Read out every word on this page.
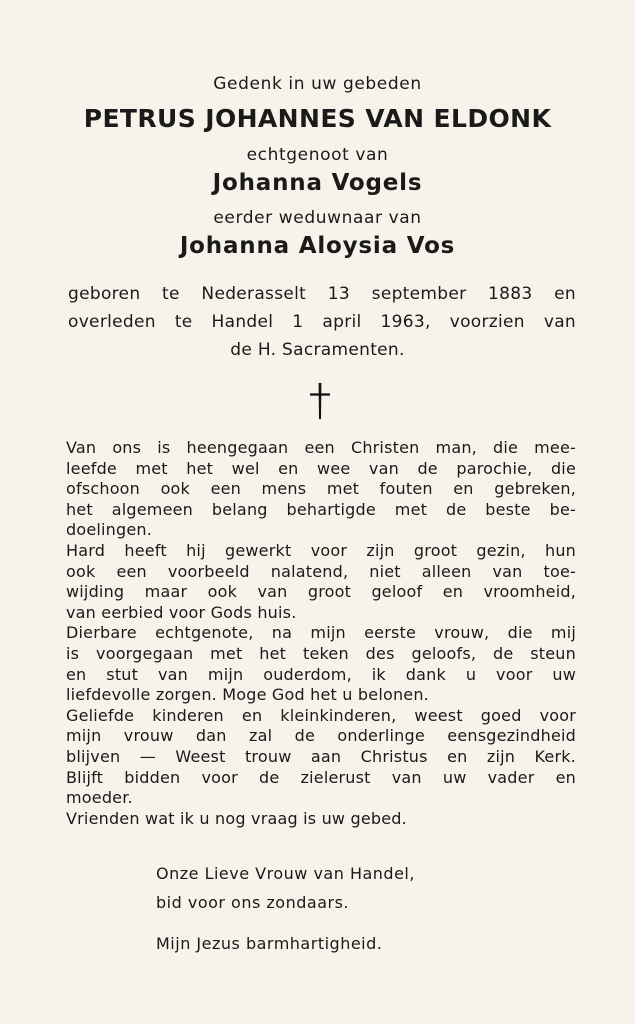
Gedenk in uw gebeden
PETRUS JOHANNES VAN ELDONK
echtgenoot van
Johanna Vogels
eerder weduwnaar van
Johanna Aloysia Vos
geboren te Nederasselt 13 september 1883 en
overleden te Handel 1 april 1963, voorzien van
de H. Sacramenten.
Van ons is heengegaan een Christen man, die mee-
leefde met het wel en wee van de parochie, die
ofschoon ook een mens met fouten en gebreken,
het algemeen belang behartigde met de beste be-
doelingen.
Hard heeft hij gewerkt voor zijn groot gezin, hun
ook een voorbeeld nalatend, niet alleen van toe-
wijding maar ook van groot geloof en vroomheid,
van eerbied voor Gods huis.
Dierbare echtgenote, na mijn eerste vrouw, die mij
is voorgegaan met het teken des geloofs, de steun
en stut van mijn ouderdom, ik dank u voor uw
liefdevolle zorgen. Moge God het u belonen.
Geliefde kinderen en kleinkinderen, weest goed voor
mijn vrouw dan zal de onderlinge eensgezindheid
blijven — Weest trouw aan Christus en zijn Kerk.
Blijft bidden voor de zielerust van uw vader en
moeder.
Vrienden wat ik u nog vraag is uw gebed.
Onze Lieve Vrouw van Handel,
bid voor ons zondaars.
Mijn Jezus barmhartigheid.
